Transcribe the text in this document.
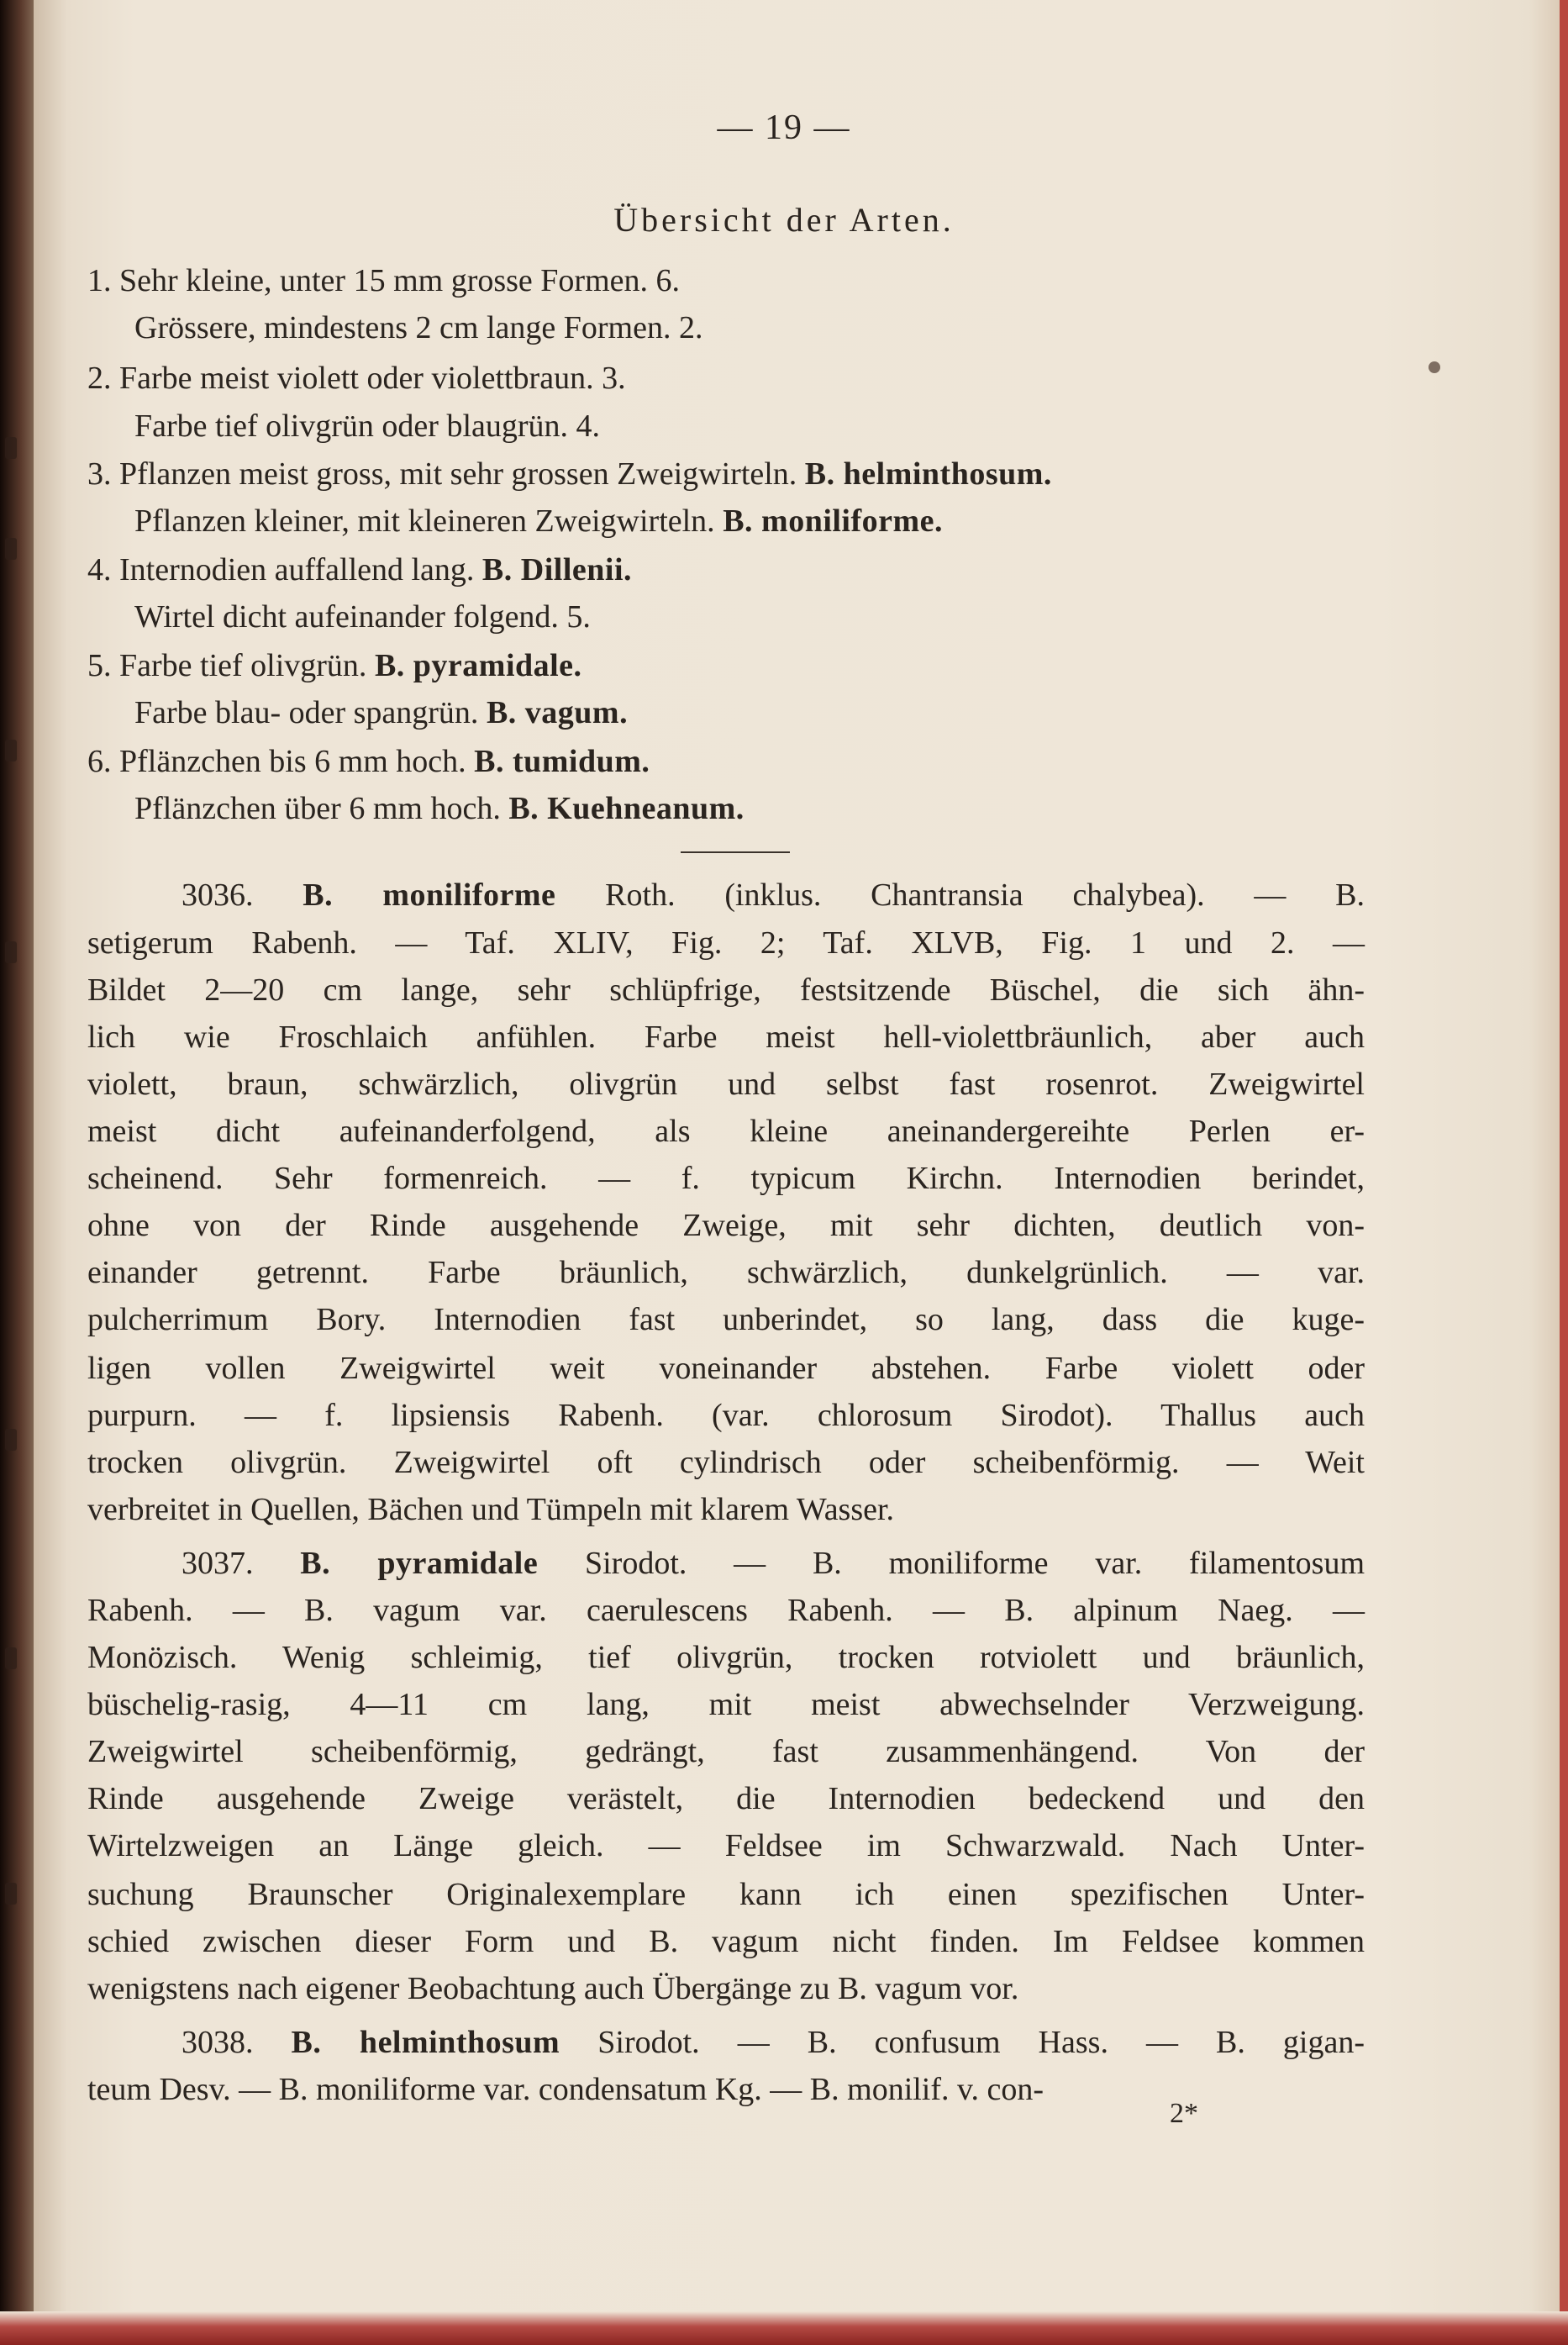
— 19 —
Übersicht der Arten.
1. Sehr kleine, unter 15 mm grosse Formen. 6.
Grössere, mindestens 2 cm lange Formen. 2.
2. Farbe meist violett oder violettbraun. 3.
Farbe tief olivgrün oder blaugrün. 4.
3. Pflanzen meist gross, mit sehr grossen Zweigwirteln. B. helminthosum.
Pflanzen kleiner, mit kleineren Zweigwirteln. B. moniliforme.
4. Internodien auffallend lang. B. Dillenii.
Wirtel dicht aufeinander folgend. 5.
5. Farbe tief olivgrün. B. pyramidale.
Farbe blau- oder spangrün. B. vagum.
6. Pflänzchen bis 6 mm hoch. B. tumidum.
Pflänzchen über 6 mm hoch. B. Kuehneanum.
3036. B. moniliforme Roth. (inklus. Chantransia chalybea). — B.
setigerum Rabenh. — Taf. XLIV, Fig. 2; Taf. XLVB, Fig. 1 und 2. —
Bildet 2—20 cm lange, sehr schlüpfrige, festsitzende Büschel, die sich ähn-
lich wie Froschlaich anfühlen. Farbe meist hell-violettbräunlich, aber auch
violett, braun, schwärzlich, olivgrün und selbst fast rosenrot. Zweigwirtel
meist dicht aufeinanderfolgend, als kleine aneinandergereihte Perlen er-
scheinend. Sehr formenreich. — f. typicum Kirchn. Internodien berindet,
ohne von der Rinde ausgehende Zweige, mit sehr dichten, deutlich von-
einander getrennt. Farbe bräunlich, schwärzlich, dunkelgrünlich. — var.
pulcherrimum Bory. Internodien fast unberindet, so lang, dass die kuge-
ligen vollen Zweigwirtel weit voneinander abstehen. Farbe violett oder
purpurn. — f. lipsiensis Rabenh. (var. chlorosum Sirodot). Thallus auch
trocken olivgrün. Zweigwirtel oft cylindrisch oder scheibenförmig. — Weit
verbreitet in Quellen, Bächen und Tümpeln mit klarem Wasser.
3037. B. pyramidale Sirodot. — B. moniliforme var. filamentosum
Rabenh. — B. vagum var. caerulescens Rabenh. — B. alpinum Naeg. —
Monözisch. Wenig schleimig, tief olivgrün, trocken rotviolett und bräunlich,
büschelig-rasig, 4—11 cm lang, mit meist abwechselnder Verzweigung.
Zweigwirtel scheibenförmig, gedrängt, fast zusammenhängend. Von der
Rinde ausgehende Zweige verästelt, die Internodien bedeckend und den
Wirtelzweigen an Länge gleich. — Feldsee im Schwarzwald. Nach Unter-
suchung Braunscher Originalexemplare kann ich einen spezifischen Unter-
schied zwischen dieser Form und B. vagum nicht finden. Im Feldsee kommen
wenigstens nach eigener Beobachtung auch Übergänge zu B. vagum vor.
3038. B. helminthosum Sirodot. — B. confusum Hass. — B. gigan-
teum Desv. — B. moniliforme var. condensatum Kg. — B. monilif. v. con-
2*
